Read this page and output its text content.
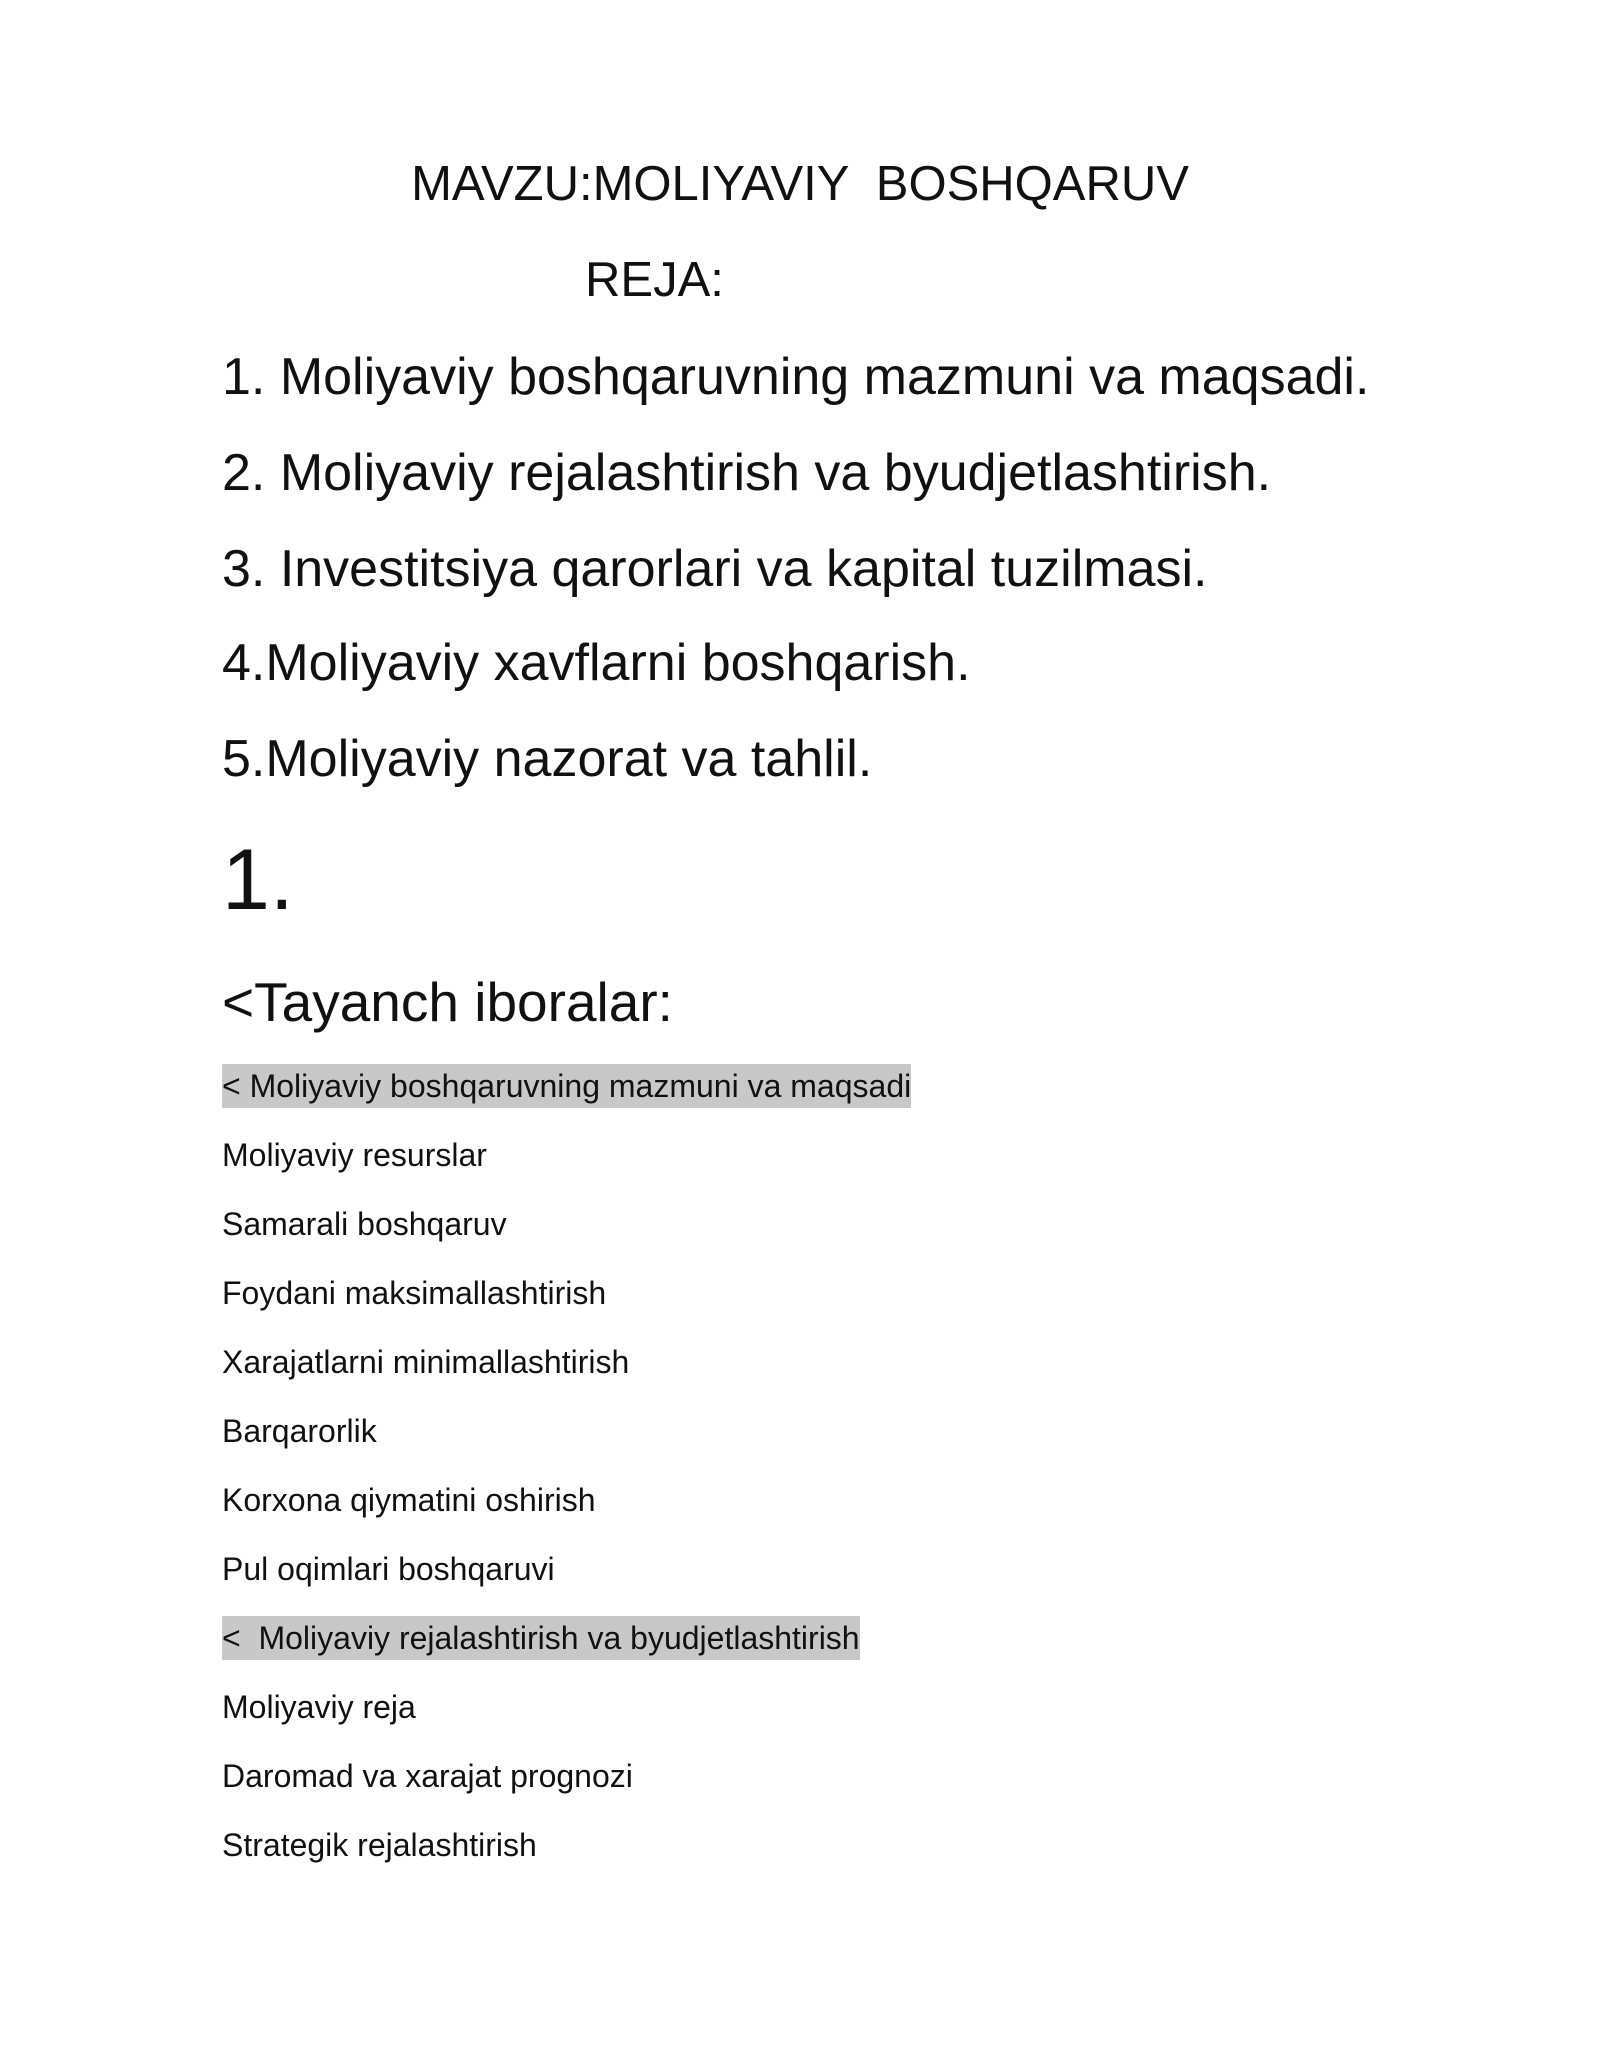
MAVZU:MOLIYAVIY  BOSHQARUV
REJA:
1. Moliyaviy boshqaruvning mazmuni va maqsadi.
2. Moliyaviy rejalashtirish va byudjetlashtirish.
3. Investitsiya qarorlari va kapital tuzilmasi.
4.Moliyaviy xavflarni boshqarish.
5.Moliyaviy nazorat va tahlil.
1.
<Tayanch iboralar:
< Moliyaviy boshqaruvning mazmuni va maqsadi
Moliyaviy resurslar
Samarali boshqaruv
Foydani maksimallashtirish
Xarajatlarni minimallashtirish
Barqarorlik
Korxona qiymatini oshirish
Pul oqimlari boshqaruvi
<  Moliyaviy rejalashtirish va byudjetlashtirish
Moliyaviy reja
Daromad va xarajat prognozi
Strategik rejalashtirish
